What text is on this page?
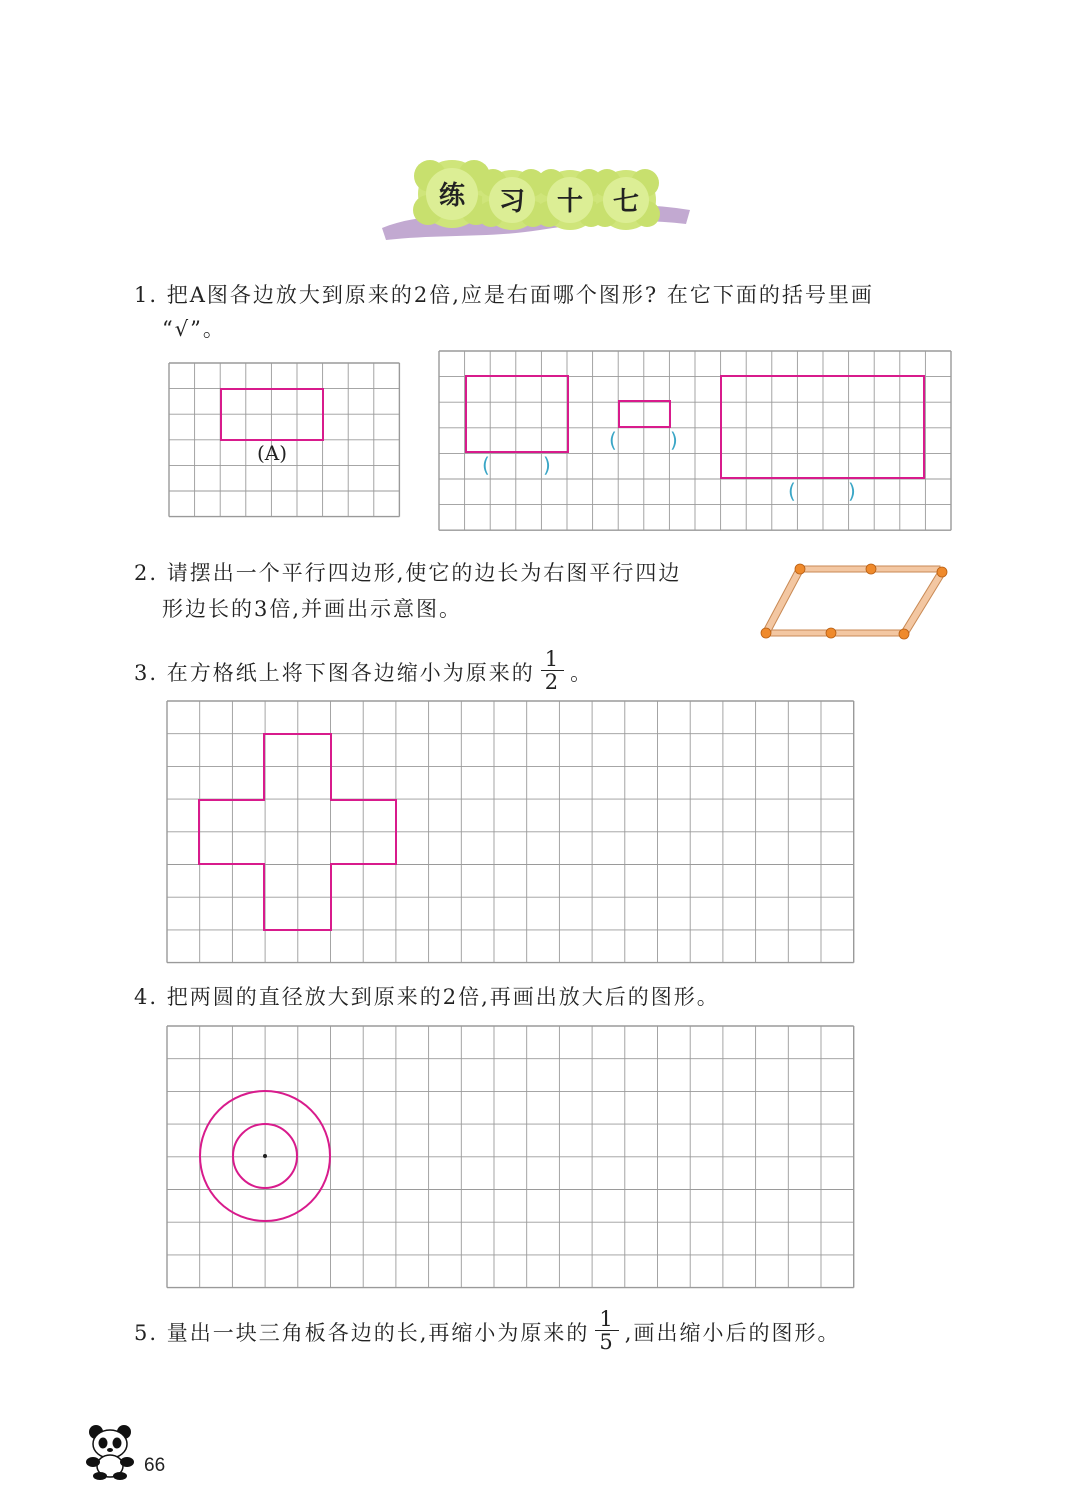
练 习 十 七
1. 把A图各边放大到原来的2倍,应是右面哪个图形? 在它下面的括号里画
“√”。
(A)	(	)
(	)
(	)
2. 请摆出一个平行四边形,使它的边长为右图平行四边
形边长的3倍,并画出示意图。
3. 在方格纸上将下图各边缩小为原来的 $\frac{1}{2}$ 。
4. 把两圆的直径放大到原来的2倍,再画出放大后的图形。
5. 量出一块三角板各边的长,再缩小为原来的 $\frac{1}{5}$ ,画出缩小后的图形。
66
